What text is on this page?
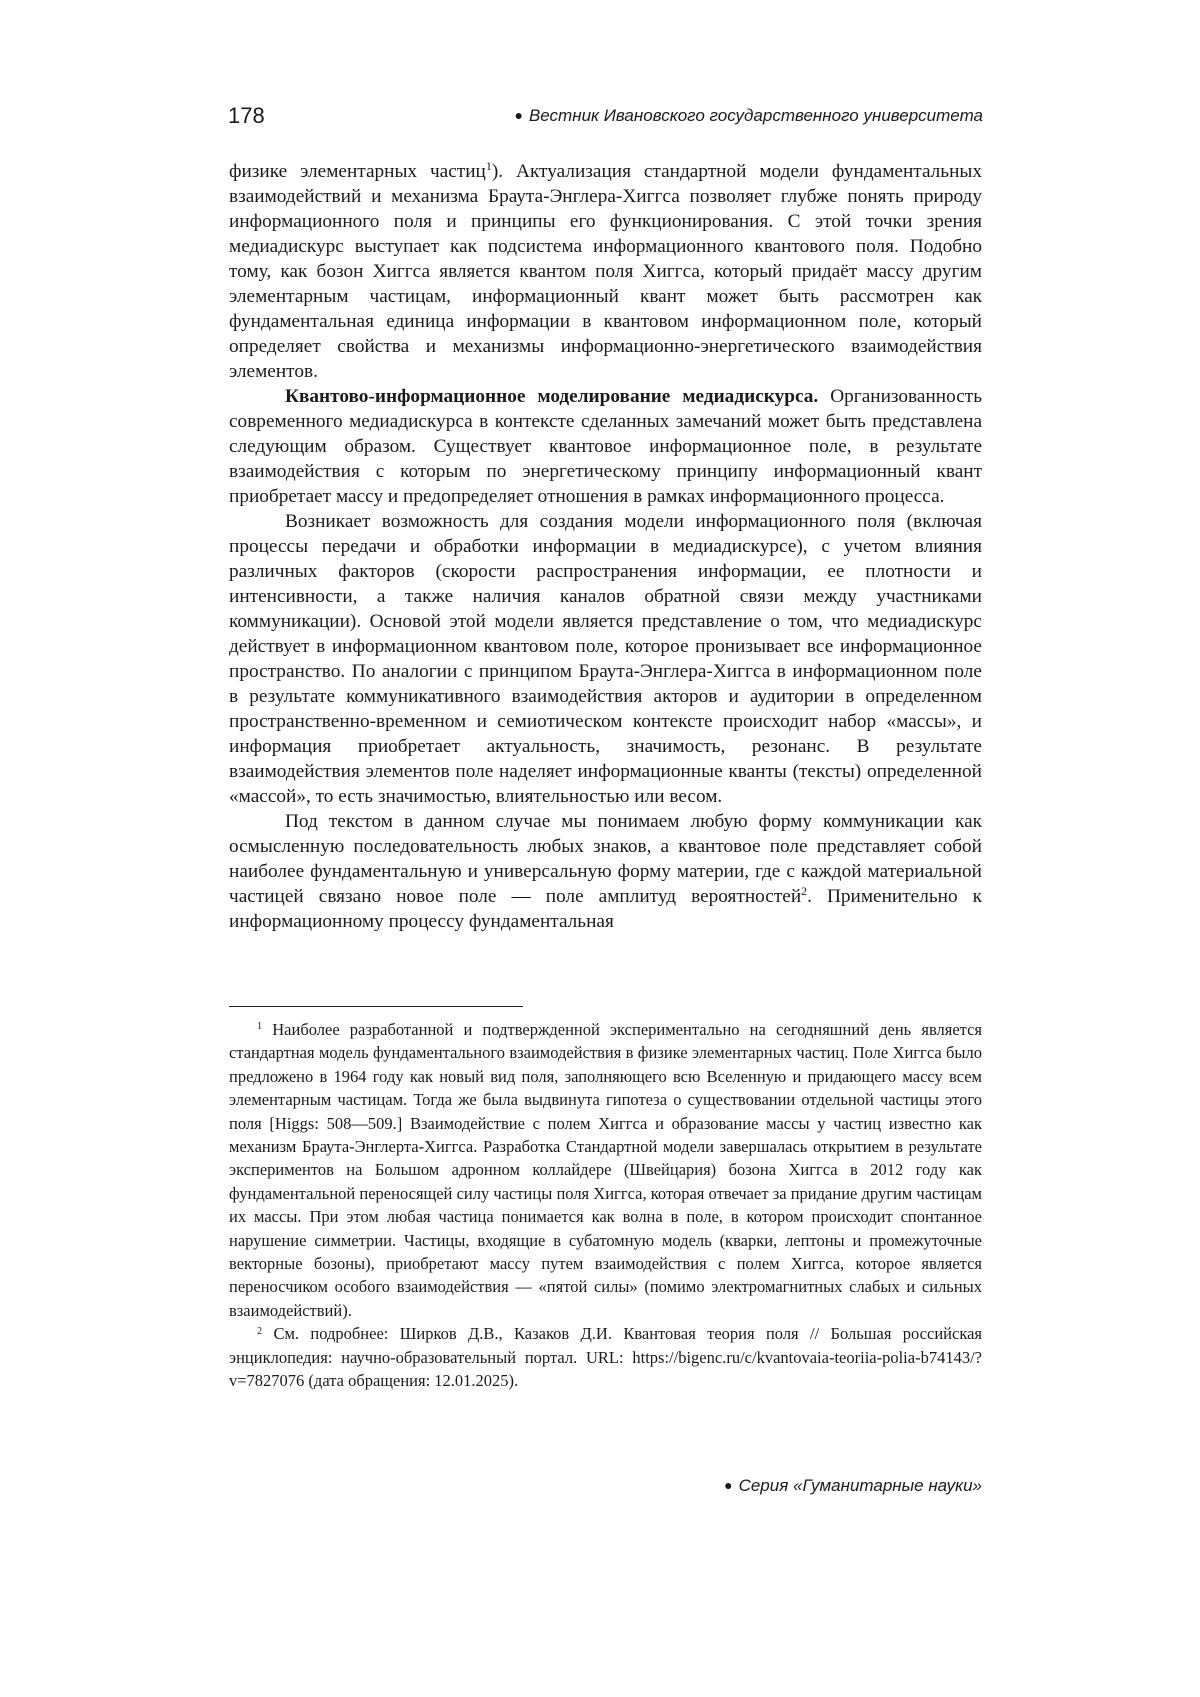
178	● Вестник Ивановского государственного университета

физике элементарных частиц$^1$). Актуализация стандартной модели фундаментальных взаимодействий и механизма Браута-Энглера-Хиггса позволяет глубже понять природу информационного поля и принципы его функционирования. С этой точки зрения медиадискурс выступает как подсистема информационного квантового поля. Подобно тому, как бозон Хиггса является квантом поля Хиггса, который придаёт массу другим элементарным частицам, информационный квант может быть рассмотрен как фундаментальная единица информации в квантовом информационном поле, который определяет свойства и механизмы информационно-энергетического взаимодействия элементов.

Квантово-информационное моделирование медиадискурса. Организованность современного медиадискурса в контексте сделанных замечаний может быть представлена следующим образом. Существует квантовое информационное поле, в результате взаимодействия с которым по энергетическому принципу информационный квант приобретает массу и предопределяет отношения в рамках информационного процесса.

Возникает возможность для создания модели информационного поля (включая процессы передачи и обработки информации в медиадискурсе), с учетом влияния различных факторов (скорости распространения информации, ее плотности и интенсивности, а также наличия каналов обратной связи между участниками коммуникации). Основой этой модели является представление о том, что медиадискурс действует в информационном квантовом поле, которое пронизывает все информационное пространство. По аналогии с принципом Браута-Энглера-Хиггса в информационном поле в результате коммуникативного взаимодействия акторов и аудитории в определенном пространственно-временном и семиотическом контексте происходит набор «массы», и информация приобретает актуальность, значимость, резонанс. В результате взаимодействия элементов поле наделяет информационные кванты (тексты) определенной «массой», то есть значимостью, влиятельностью или весом.

Под текстом в данном случае мы понимаем любую форму коммуникации как осмысленную последовательность любых знаков, а квантовое поле представляет собой наиболее фундаментальную и универсальную форму материи, где с каждой материальной частицей связано новое поле — поле амплитуд вероятностей$^2$. Применительно к информационному процессу фундаментальная

$^1$ Наиболее разработанной и подтвержденной экспериментально на сегодняшний день является стандартная модель фундаментального взаимодействия в физике элементарных частиц. Поле Хиггса было предложено в 1964 году как новый вид поля, заполняющего всю Вселенную и придающего массу всем элементарным частицам. Тогда же была выдвинута гипотеза о существовании отдельной частицы этого поля [Higgs: 508—509.] Взаимодействие с полем Хиггса и образование массы у частиц известно как механизм Браута-Энглерта-Хиггса. Разработка Стандартной модели завершалась открытием в результате экспериментов на Большом адронном коллайдере (Швейцария) бозона Хиггса в 2012 году как фундаментальной переносящей силу частицы поля Хиггса, которая отвечает за придание другим частицам их массы. При этом любая частица понимается как волна в поле, в котором происходит спонтанное нарушение симметрии. Частицы, входящие в субатомную модель (кварки, лептоны и промежуточные векторные бозоны), приобретают массу путем взаимодействия с полем Хиггса, которое является переносчиком особого взаимодействия — «пятой силы» (помимо электромагнитных слабых и сильных взаимодействий).

$^2$ См. подробнее: Ширков Д.В., Казаков Д.И. Квантовая теория поля // Большая российская энциклопедия: научно-образовательный портал. URL: https://bigenc.ru/c/kvantovaia-teoriia-polia-b74143/?v=7827076 (дата обращения: 12.01.2025).

● Серия «Гуманитарные науки»
